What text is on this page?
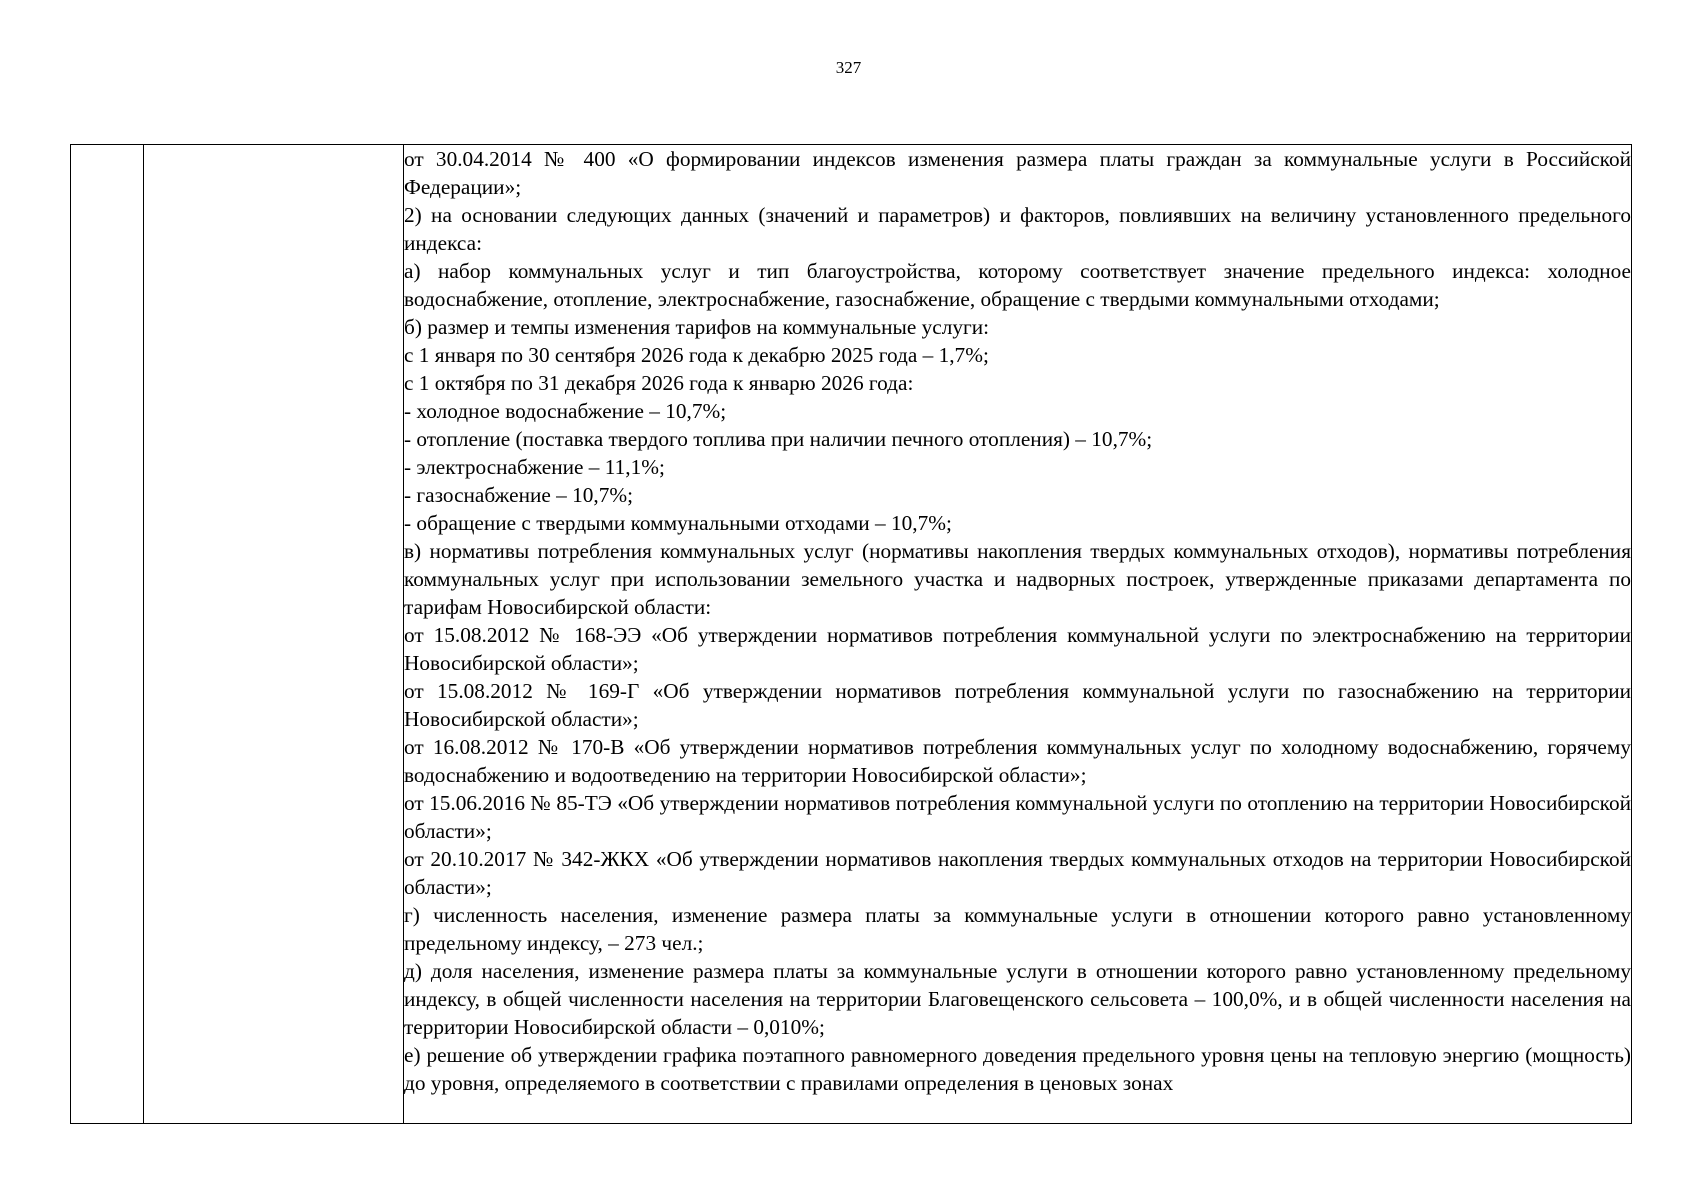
327

от 30.04.2014 № 400 «О формировании индексов изменения размера платы граждан за коммунальные услуги в Российской Федерации»;

2) на основании следующих данных (значений и параметров) и факторов, повлиявших на величину установленного предельного индекса:

а) набор коммунальных услуг и тип благоустройства, которому соответствует значение предельного индекса: холодное водоснабжение, отопление, электроснабжение, газоснабжение, обращение с твердыми коммунальными отходами;

б) размер и темпы изменения тарифов на коммунальные услуги:

с 1 января по 30 сентября 2026 года к декабрю 2025 года – 1,7%;

с 1 октября по 31 декабря 2026 года к январю 2026 года:

- холодное водоснабжение – 10,7%;

- отопление (поставка твердого топлива при наличии печного отопления) – 10,7%;

- электроснабжение – 11,1%;

- газоснабжение – 10,7%;

- обращение с твердыми коммунальными отходами – 10,7%;

в) нормативы потребления коммунальных услуг (нормативы накопления твердых коммунальных отходов), нормативы потребления коммунальных услуг при использовании земельного участка и надворных построек, утвержденные приказами департамента по тарифам Новосибирской области:

от 15.08.2012 № 168-ЭЭ «Об утверждении нормативов потребления коммунальной услуги по электроснабжению на территории Новосибирской области»;

от 15.08.2012 № 169-Г «Об утверждении нормативов потребления коммунальной услуги по газоснабжению на территории Новосибирской области»;

от 16.08.2012 № 170-В «Об утверждении нормативов потребления коммунальных услуг по холодному водоснабжению, горячему водоснабжению и водоотведению на территории Новосибирской области»;

от 15.06.2016 № 85-ТЭ «Об утверждении нормативов потребления коммунальной услуги по отоплению на территории Новосибирской области»;

от 20.10.2017 № 342-ЖКХ «Об утверждении нормативов накопления твердых коммунальных отходов на территории Новосибирской области»;

г) численность населения, изменение размера платы за коммунальные услуги в отношении которого равно установленному предельному индексу, – 273 чел.;

д) доля населения, изменение размера платы за коммунальные услуги в отношении которого равно установленному предельному индексу, в общей численности населения на территории Благовещенского сельсовета – 100,0%, и в общей численности населения на территории Новосибирской области – 0,010%;

е) решение об утверждении графика поэтапного равномерного доведения предельного уровня цены на тепловую энергию (мощность) до уровня, определяемого в соответствии с правилами определения в ценовых зонах
